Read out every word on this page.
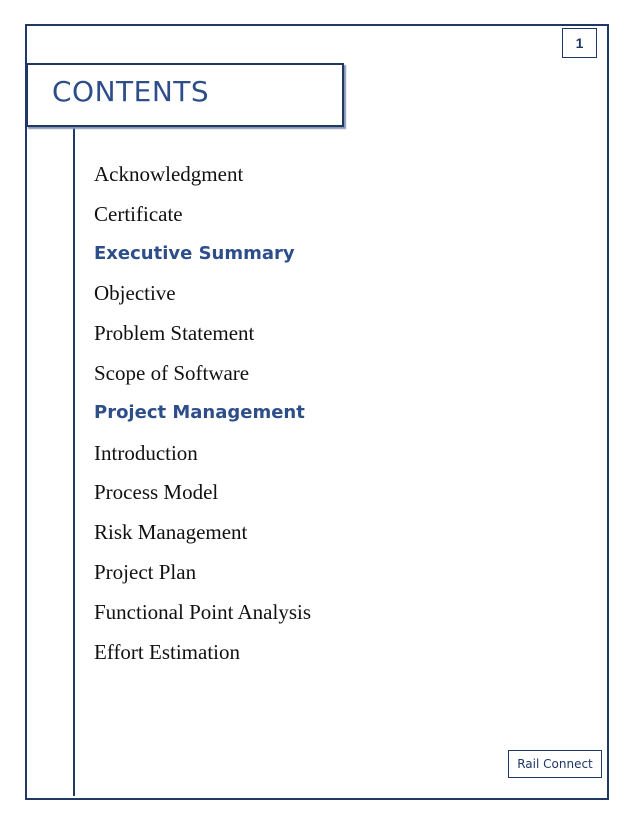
1
CONTENTS
Acknowledgment
Certificate
Executive Summary
Objective
Problem Statement
Scope of Software
Project Management
Introduction
Process Model
Risk Management
Project Plan
Functional Point Analysis
Effort Estimation
Rail Connect
